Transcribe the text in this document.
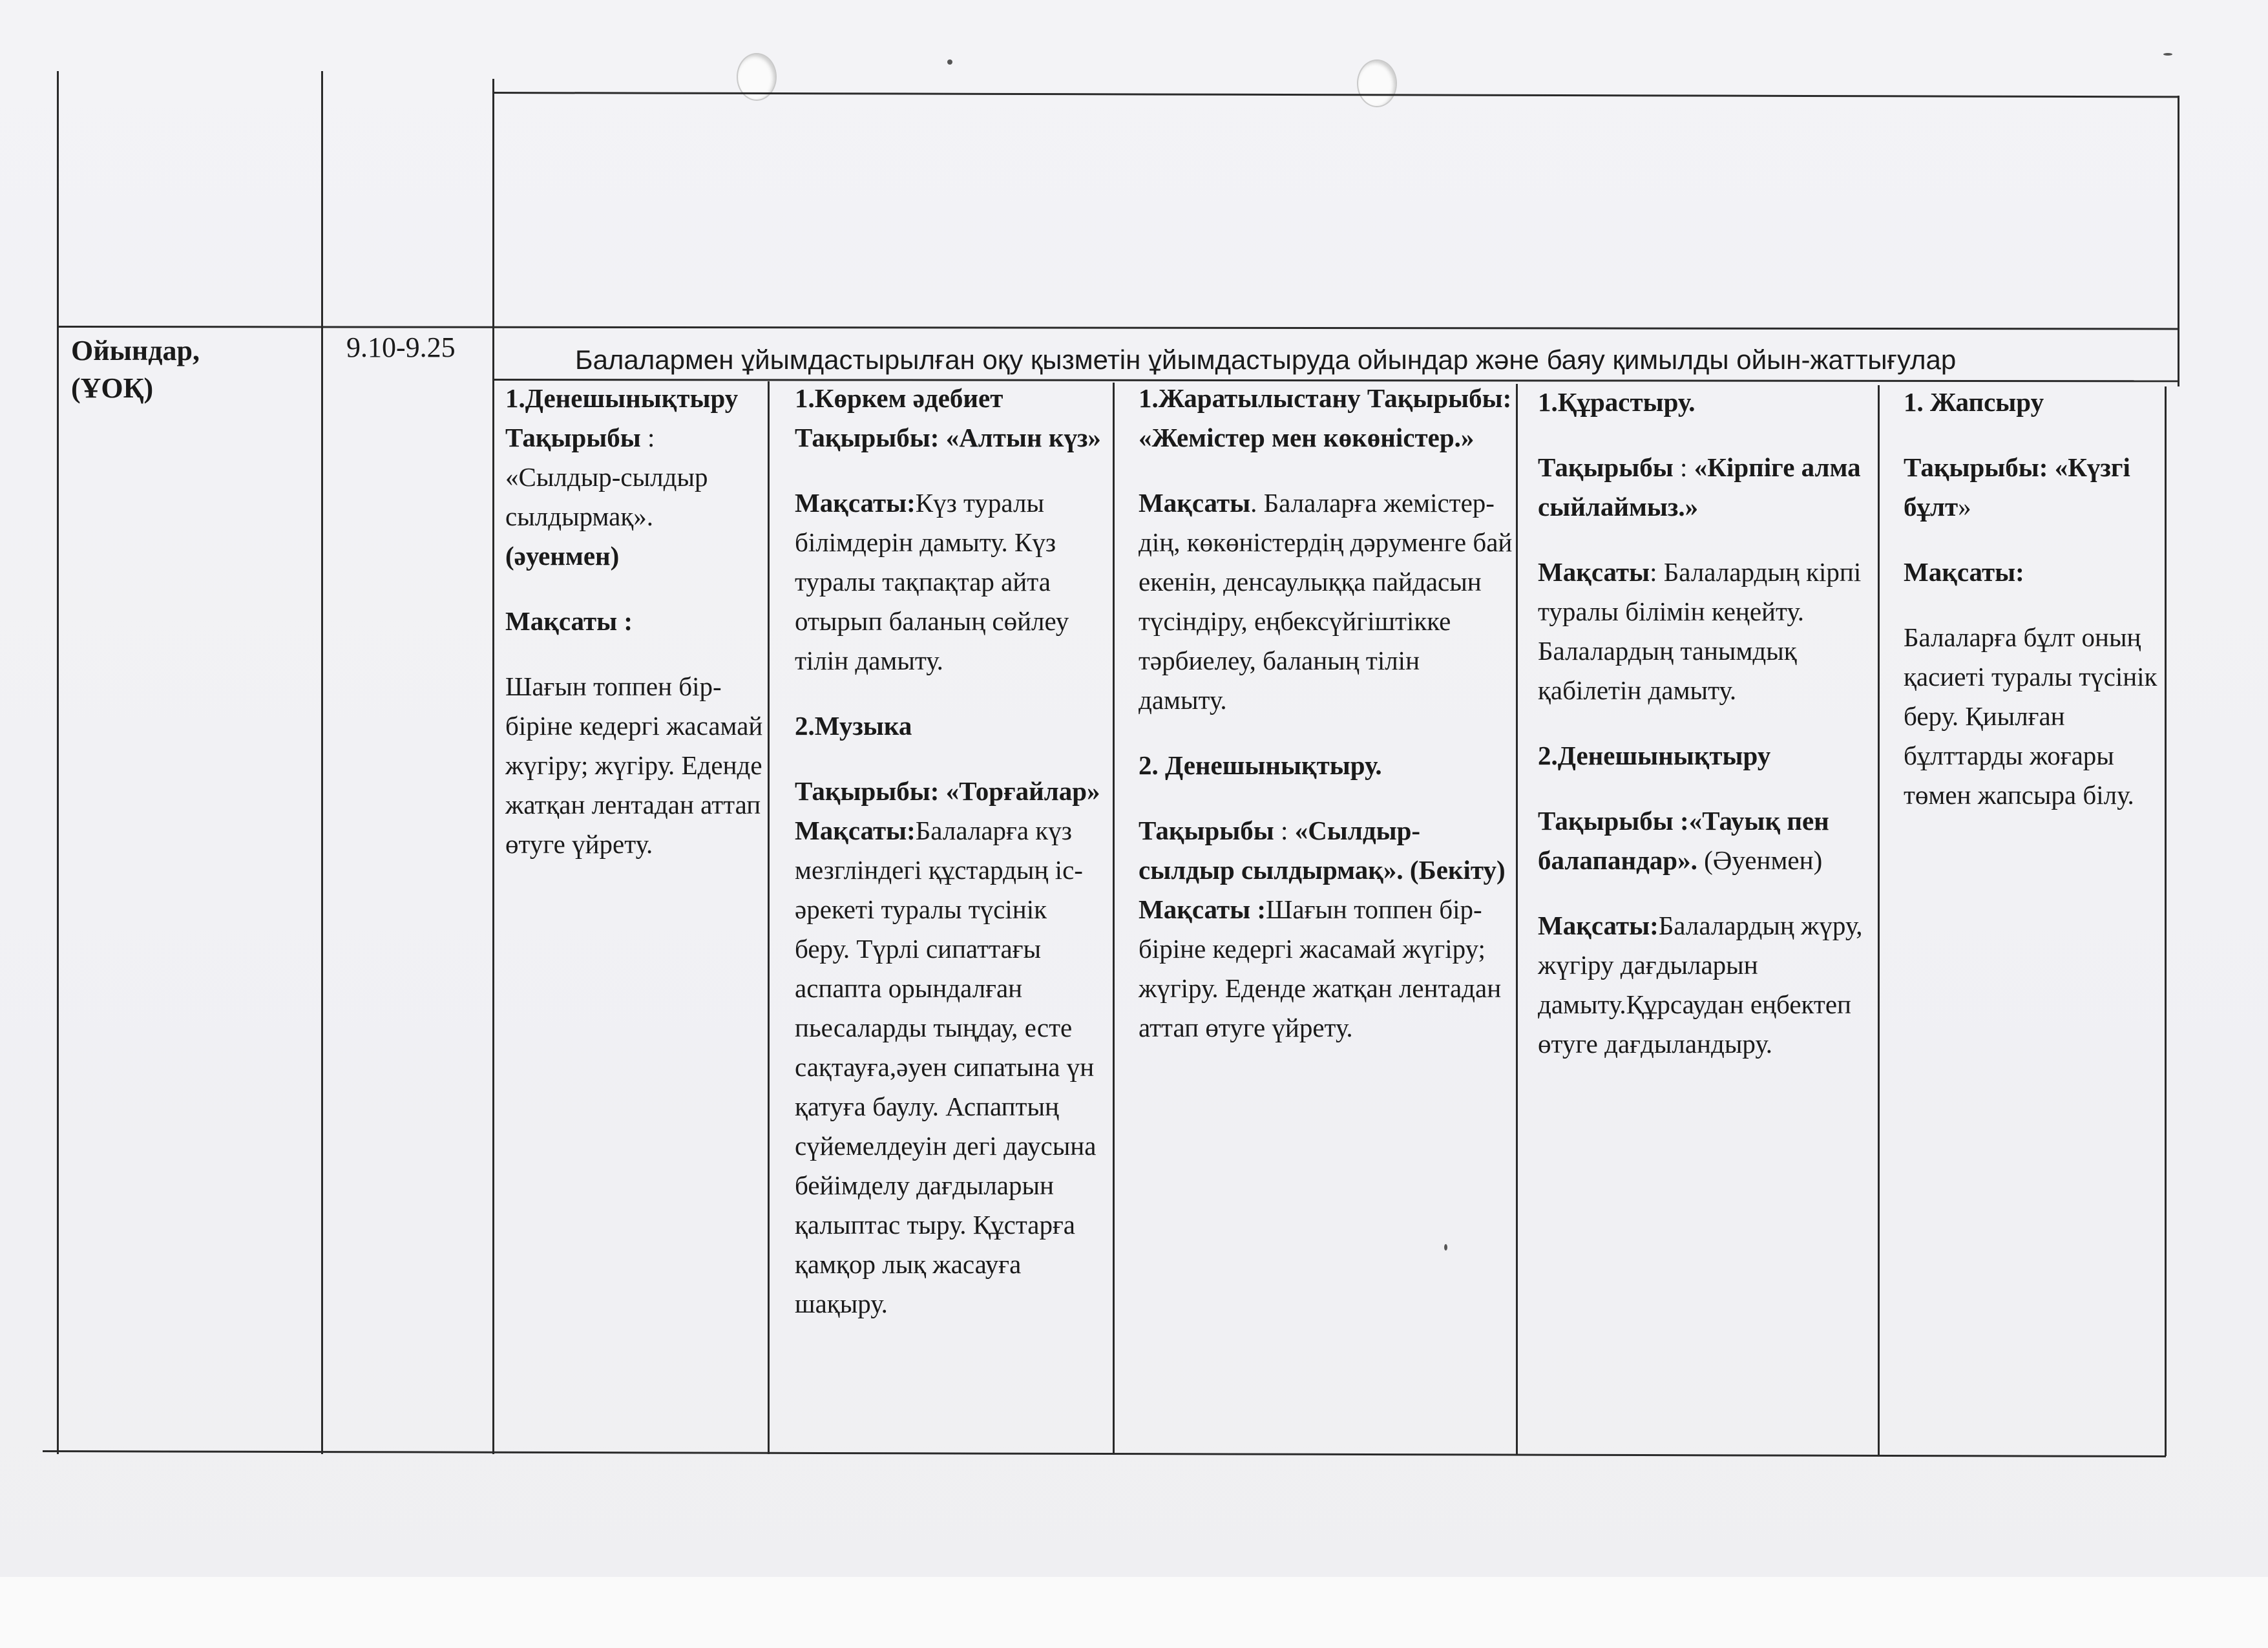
Ойындар,
(ҰОҚ)
9.10-9.25	Балалармен ұйымдастырылған оқу қызметін ұйымдастыруда ойындар және баяу қимылды ойын-жаттығулар

1.Денешынықтыру Тақырыбы : «Сылдыр-сылдыр сылдырмақ». (әуенмен)

Мақсаты :

Шағын топпен бір-біріне кедергі жасамай жүгіру; жүгіру. Еденде жатқан лентадан аттап өтуге үйрету.

1.Көркем әдебиет Тақырыбы: «Алтын күз»

Мақсаты:Күз туралы білімдерін дамыту. Күз туралы тақпақтар айта отырып баланың сөйлеу тілін дамыту.

2.Музыка

Тақырыбы: «Торғайлар»

Мақсаты:Балаларға күз мезгліндегі құстардың іс-әрекеті туралы түсінік беру. Түрлі сипаттағы аспапта орындалған пьесаларды тыңдау, есте сақтауға,әуен сипатына үн қатуға баулу. Аспаптың сүйемелдеуін дегі даусына бейімделу дағдыларын қалыптас тыру. Құстарға қамқор лық жасауға шақыру.

1.Жаратылыстану Тақырыбы: «Жемістер мен көкөністер.»

Мақсаты. Балаларға жемістер-дің, көкөністердің дәруменге бай екенін, денсаулыққа пайдасын түсіндіру, еңбексүйгіштікке тәрбиелеу, баланың тілін дамыту.

2. Денешынықтыру.

Тақырыбы : «Сылдыр-сылдыр сылдырмақ». (Бекіту)

Мақсаты :Шағын топпен бір-біріне кедергі жасамай жүгіру; жүгіру. Еденде жатқан лентадан аттап өтуге үйрету.

1.Құрастыру.

Тақырыбы : «Кірпіге алма сыйлаймыз.»

Мақсаты: Балалардың кірпі туралы білімін кеңейту. Балалардың танымдық қабілетін дамыту.

2.Денешынықтыру

Тақырыбы :«Тауық пен балапандар». (Әуенмен)

Мақсаты:Балалардың жүру, жүгіру дағдыларын дамыту.Құрсаудан еңбектеп өтуге дағдыландыру.

1. Жапсыру

Тақырыбы: «Күзгі бұлт»

Мақсаты:

Балаларға бұлт оның қасиеті туралы түсінік беру. Қиылған бұлттарды жоғары төмен жапсыра білу.
